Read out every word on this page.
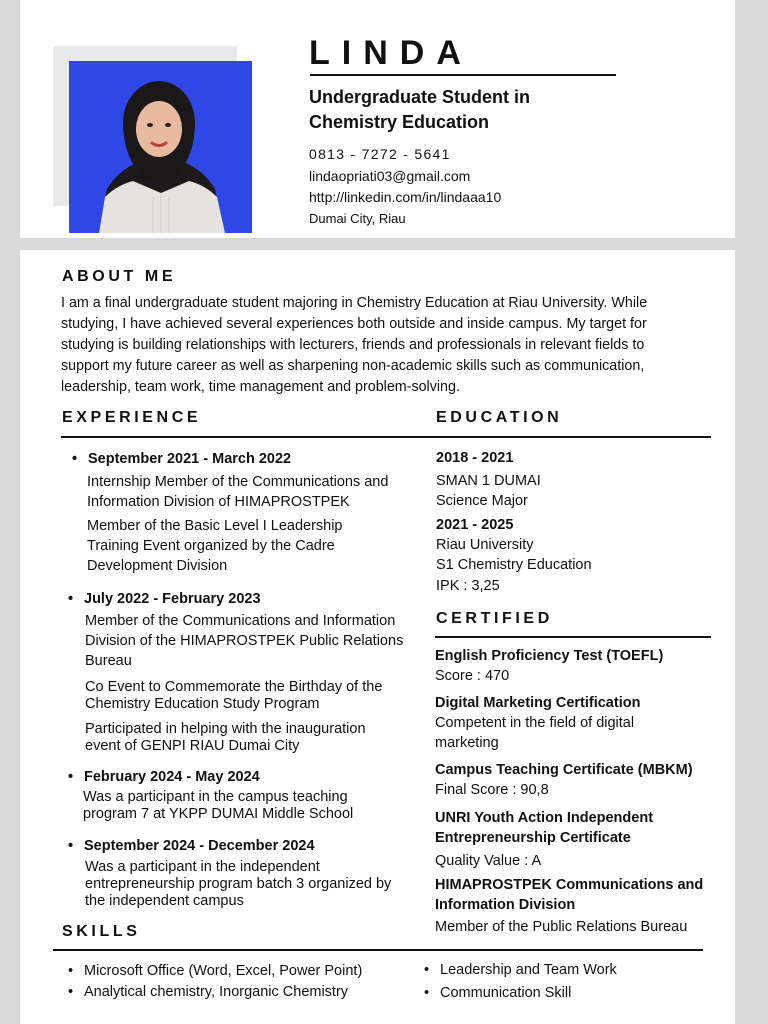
LINDA
Undergraduate Student in
Chemistry Education
0813 - 7272 - 5641
lindaopriati03@gmail.com
http://linkedin.com/in/lindaaa10
Dumai City, Riau
ABOUT ME
I am a final undergraduate student majoring in Chemistry Education at Riau University. While
studying, I have achieved several experiences both outside and inside campus. My target for
studying is building relationships with lecturers, friends and professionals in relevant fields to
support my future career as well as sharpening non-academic skills such as communication,
leadership, team work, time management and problem-solving.
EXPERIENCE	EDUCATION
• September 2021 - March 2022
Internship Member of the Communications and
Information Division of HIMAPROSTPEK
Member of the Basic Level I Leadership
Training Event organized by the Cadre
Development Division
• July 2022 - February 2023
Member of the Communications and Information
Division of the HIMAPROSTPEK Public Relations
Bureau
Co Event to Commemorate the Birthday of the
Chemistry Education Study Program
Participated in helping with the inauguration
event of GENPI RIAU Dumai City
• February 2024 - May 2024
Was a participant in the campus teaching
program 7 at YKPP DUMAI Middle School
• September 2024 - December 2024
Was a participant in the independent
entrepreneurship program batch 3 organized by
the independent campus
2018 - 2021
SMAN 1 DUMAI
Science Major
2021 - 2025
Riau University
S1 Chemistry Education
IPK : 3,25
CERTIFIED
English Proficiency Test (TOEFL)
Score : 470
Digital Marketing Certification
Competent in the field of digital
marketing
Campus Teaching Certificate (MBKM)
Final Score : 90,8
UNRI Youth Action Independent
Entrepreneurship Certificate
Quality Value : A
HIMAPROSTPEK Communications and
Information Division
Member of the Public Relations Bureau
SKILLS
• Microsoft Office (Word, Excel, Power Point)
• Analytical chemistry, Inorganic Chemistry
• Leadership and Team Work
• Communication Skill
